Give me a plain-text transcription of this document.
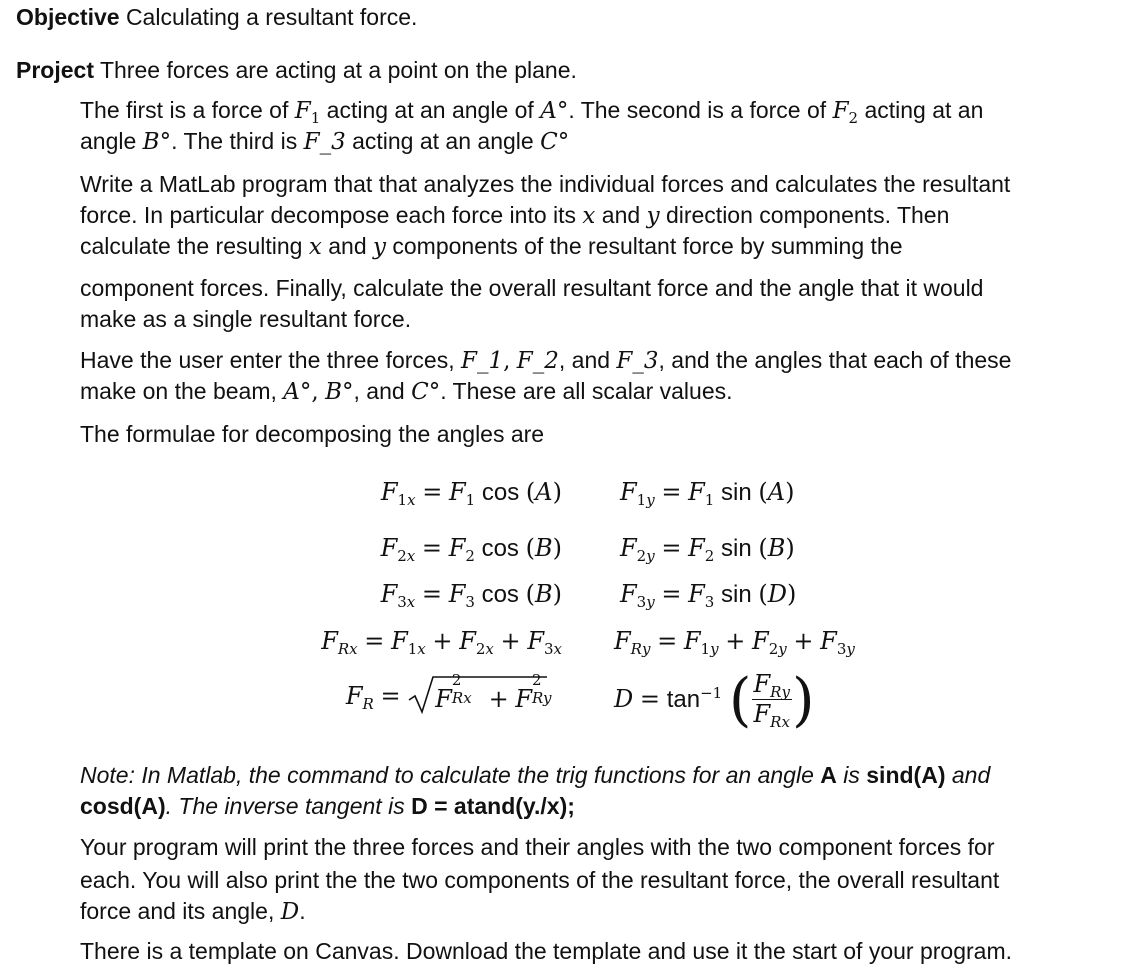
Objective Calculating a resultant force.
Project Three forces are acting at a point on the plane.
The first is a force of $F_1$ acting at an angle of A°. The second is a force of $F_2$ acting at an
angle B°. The third is F_3 acting at an angle C°
Write a MatLab program that that analyzes the individual forces and calculates the resultant
force. In particular decompose each force into its x and y direction components. Then
calculate the resulting x and y components of the resultant force by summing the
component forces. Finally, calculate the overall resultant force and the angle that it would
make as a single resultant force.
Have the user enter the three forces, F_1, F_2, and F_3, and the angles that each of these
make on the beam, A°, B°, and C°. These are all scalar values.
The formulae for decomposing the angles are
$F_{1x} = F_1$ cos (A)
$F_{2x} = F_2$ cos (B)
$F_{3x} = F_3$ cos (B)
$F_{Rx} = F_{1x} + F_{2x} + F_{3x}$
$F_R = F$
2
Rx + F
2
Ry
$F_{1y} = F_1$ sin (A)
$F_{2y} = F_2$ sin (B)
$F_{3y} = F_3$ sin (D)
$F_{Ry} = F_{1y} + F_{2y} + F_{3y}$
$D = \tan^{-1}$ ( $\frac{F_{Ry}}{F_{Rx}}$ )
Note: In Matlab, the command to calculate the trig functions for an angle A is sind(A) and
cosd(A). The inverse tangent is D = atand(y./x);
Your program will print the three forces and their angles with the two component forces for
each. You will also print the the two components of the resultant force, the overall resultant
force and its angle, D.
There is a template on Canvas. Download the template and use it the start of your program.
